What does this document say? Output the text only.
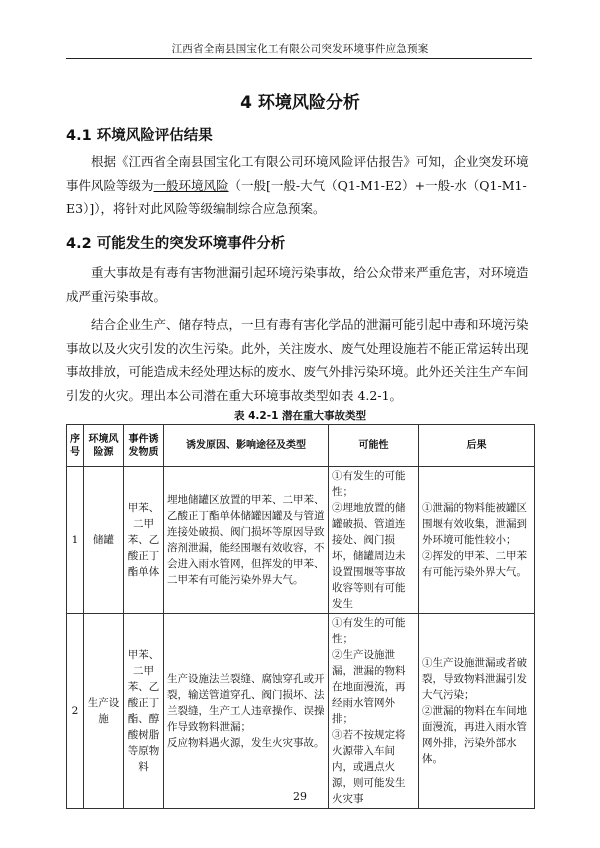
江西省全南县国宝化工有限公司突发环境事件应急预案
4 环境风险分析
4.1 环境风险评估结果
根据《江西省全南县国宝化工有限公司环境风险评估报告》可知，企业突发环境事件风险等级为一般环境风险（一般[一般-大气（Q1-M1-E2）+一般-水（Q1-M1-E3）]），将针对此风险等级编制综合应急预案。
4.2 可能发生的突发环境事件分析
重大事故是有毒有害物泄漏引起环境污染事故，给公众带来严重危害，对环境造成严重污染事故。
结合企业生产、储存特点，一旦有毒有害化学品的泄漏可能引起中毒和环境污染事故以及火灾引发的次生污染。此外，关注废水、废气处理设施若不能正常运转出现事故排放，可能造成未经处理达标的废水、废气外排污染环境。此外还关注生产车间引发的火灾。理出本公司潜在重大环境事故类型如表 4.2-1。
表 4.2-1 潜在重大事故类型
序号	环境风险源	事件诱发物质	诱发原因、影响途径及类型	可能性	后果
1	储罐	甲苯、二甲苯、乙酸正丁酯单体	埋地储罐区放置的甲苯、二甲苯、乙酸正丁酯单体储罐因罐及与管道连接处破损、阀门损坏等原因导致溶剂泄漏，能经围堰有效收容，不会进入雨水管网，但挥发的甲苯、二甲苯有可能污染外界大气。	①有发生的可能性；
②埋地放置的储罐破损、管道连接处、阀门损坏，储罐周边未设置围堰等事故收容等则有可能发生	①泄漏的物料能被罐区围堰有效收集，泄漏到外环境可能性较小；
②挥发的甲苯、二甲苯有可能污染外界大气。
2	生产设施	甲苯、二甲苯、乙酸正丁酯、醇酸树脂等原物料	生产设施法兰裂缝、腐蚀穿孔或开裂，输送管道穿孔、阀门损坏、法兰裂缝，生产工人违章操作、误操作导致物料泄漏；
反应物料遇火源，发生火灾事故。	①有发生的可能性；
②生产设施泄漏，泄漏的物料在地面漫流，再经雨水管网外排；
③若不按规定将火源带入车间内，或遇点火源，则可能发生火灾事	①生产设施泄漏或者破裂，导致物料泄漏引发大气污染；
②泄漏的物料在车间地面漫流，再进入雨水管网外排，污染外部水体。
29
